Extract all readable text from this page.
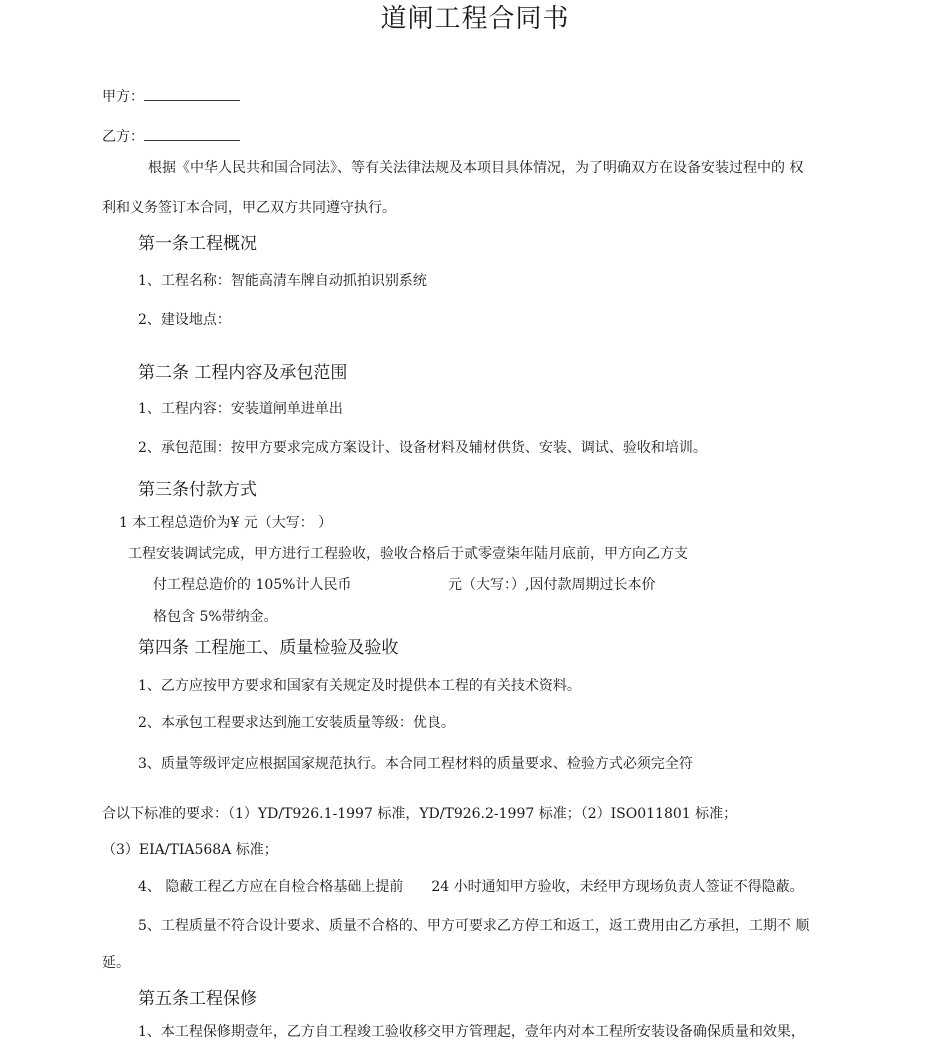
道闸工程合同书
甲方：
乙方：
根据《中华人民共和国合同法》、等有关法律法规及本项目具体情况，为了明确双方在设备安装过程中的 权
利和义务签订本合同，甲乙双方共同遵守执行。
第一条工程概况
1、工程名称：智能高清车牌自动抓拍识别系统
2、建设地点：
第二条 工程内容及承包范围
1、工程内容：安装道闸单进单出
2、承包范围：按甲方要求完成方案设计、设备材料及辅材供货、安装、调试、验收和培训。
第三条付款方式
1 本工程总造价为¥ 元（大写： ）
工程安装调试完成，甲方进行工程验收，验收合格后于贰零壹柒年陆月底前，甲方向乙方支
付工程总造价的 105%计人民币	元（大写：）,因付款周期过长本价
格包含 5%带纳金。
第四条 工程施工、质量检验及验收
1、乙方应按甲方要求和国家有关规定及时提供本工程的有关技术资料。
2、本承包工程要求达到施工安装质量等级：优良。
3、质量等级评定应根据国家规范执行。本合同工程材料的质量要求、检验方式必须完全符
合以下标准的要求：（1）YD/T926.1-1997 标准，YD/T926.2-1997 标准；（2）ISO011801 标准；
（3）EIA/TIA568A 标准；
4、 隐蔽工程乙方应在自检合格基础上提前 24 小时通知甲方验收，未经甲方现场负责人签证不得隐蔽。
5、工程质量不符合设计要求、质量不合格的、甲方可要求乙方停工和返工，返工费用由乙方承担，工期不 顺
延。
第五条工程保修
1、本工程保修期壹年，乙方自工程竣工验收移交甲方管理起，壹年内对本工程所安装设备确保质量和效果，
